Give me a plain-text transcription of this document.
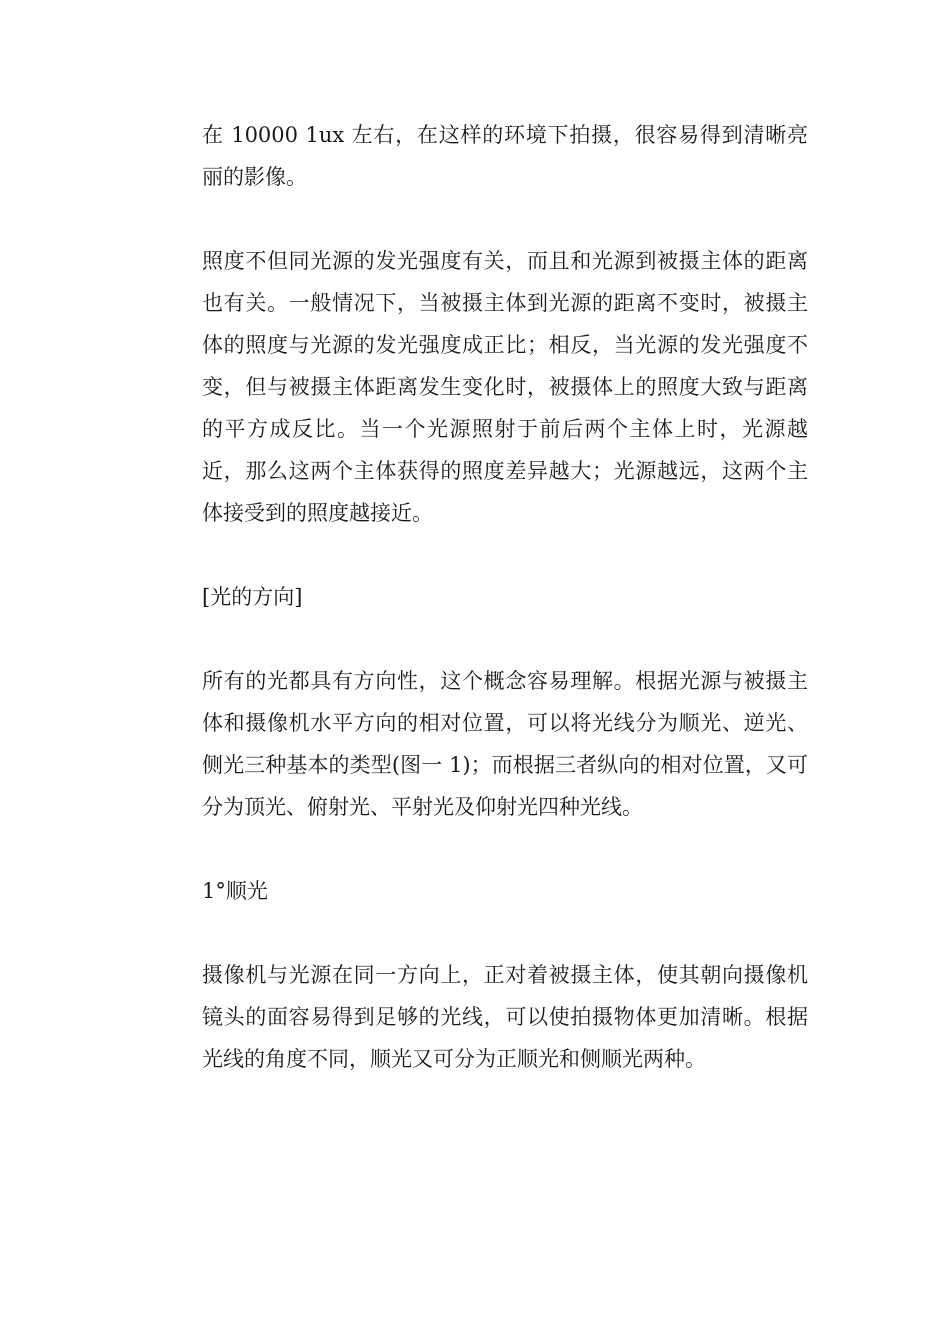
在 10000 1ux 左右，在这样的环境下拍摄，很容易得到清晰亮丽的影像。

照度不但同光源的发光强度有关，而且和光源到被摄主体的距离也有关。一般情况下，当被摄主体到光源的距离不变时，被摄主体的照度与光源的发光强度成正比；相反，当光源的发光强度不变，但与被摄主体距离发生变化时，被摄体上的照度大致与距离的平方成反比。当一个光源照射于前后两个主体上时，光源越近，那么这两个主体获得的照度差异越大；光源越远，这两个主体接受到的照度越接近。

[光的方向]

所有的光都具有方向性，这个概念容易理解。根据光源与被摄主体和摄像机水平方向的相对位置，可以将光线分为顺光、逆光、侧光三种基本的类型(图一 1)；而根据三者纵向的相对位置，又可分为顶光、俯射光、平射光及仰射光四种光线。

1°顺光

摄像机与光源在同一方向上，正对着被摄主体，使其朝向摄像机镜头的面容易得到足够的光线，可以使拍摄物体更加清晰。根据光线的角度不同，顺光又可分为正顺光和侧顺光两种。
